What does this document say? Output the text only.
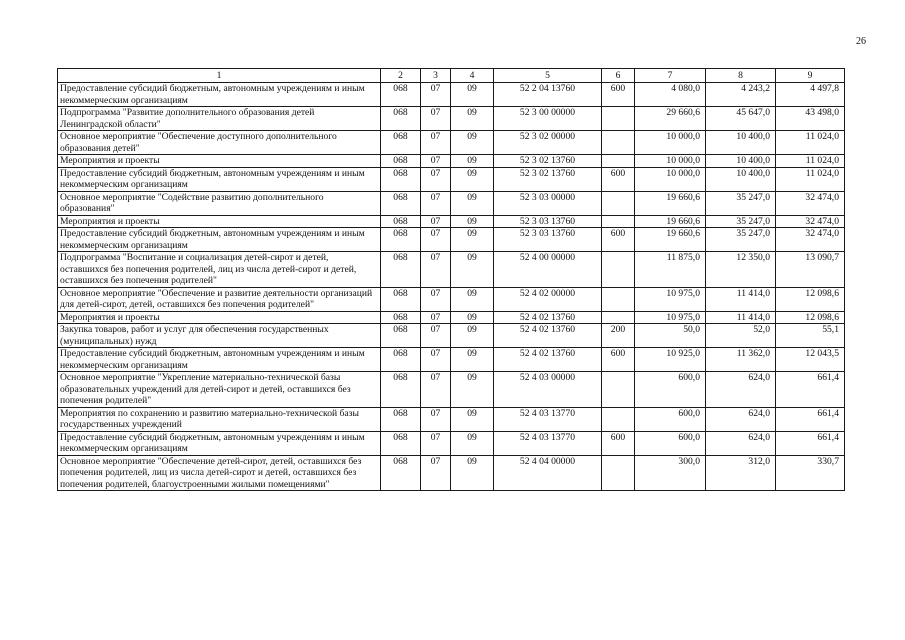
26
1	2	3	4	5	6	7	8	9
Предоставление субсидий бюджетным, автономным учреждениям и иным некоммерческим организациям	068	07	09	52 2 04 13760	600	4 080,0	4 243,2	4 497,8
Подпрограмма "Развитие дополнительного образования детей Ленинградской области"	068	07	09	52 3 00 00000		29 660,6	45 647,0	43 498,0
Основное мероприятие "Обеспечение доступного дополнительного образования детей"	068	07	09	52 3 02 00000		10 000,0	10 400,0	11 024,0
Мероприятия и проекты	068	07	09	52 3 02 13760		10 000,0	10 400,0	11 024,0
Предоставление субсидий бюджетным, автономным учреждениям и иным некоммерческим организациям	068	07	09	52 3 02 13760	600	10 000,0	10 400,0	11 024,0
Основное мероприятие "Содействие развитию дополнительного образования"	068	07	09	52 3 03 00000		19 660,6	35 247,0	32 474,0
Мероприятия и проекты	068	07	09	52 3 03 13760		19 660,6	35 247,0	32 474,0
Предоставление субсидий бюджетным, автономным учреждениям и иным некоммерческим организациям	068	07	09	52 3 03 13760	600	19 660,6	35 247,0	32 474,0
Подпрограмма "Воспитание и социализация детей-сирот и детей, оставшихся без попечения родителей, лиц из числа детей-сирот и детей, оставшихся без попечения родителей"	068	07	09	52 4 00 00000		11 875,0	12 350,0	13 090,7
Основное мероприятие "Обеспечение и развитие деятельности организаций для детей-сирот, детей, оставшихся без попечения родителей"	068	07	09	52 4 02 00000		10 975,0	11 414,0	12 098,6
Мероприятия и проекты	068	07	09	52 4 02 13760		10 975,0	11 414,0	12 098,6
Закупка товаров, работ и услуг для обеспечения государственных (муниципальных) нужд	068	07	09	52 4 02 13760	200	50,0	52,0	55,1
Предоставление субсидий бюджетным, автономным учреждениям и иным некоммерческим организациям	068	07	09	52 4 02 13760	600	10 925,0	11 362,0	12 043,5
Основное мероприятие "Укрепление материально-технической базы образовательных учреждений для детей-сирот и детей, оставшихся без попечения родителей"	068	07	09	52 4 03 00000		600,0	624,0	661,4
Мероприятия по сохранению и развитию материально-технической базы государственных учреждений	068	07	09	52 4 03 13770		600,0	624,0	661,4
Предоставление субсидий бюджетным, автономным учреждениям и иным некоммерческим организациям	068	07	09	52 4 03 13770	600	600,0	624,0	661,4
Основное мероприятие "Обеспечение детей-сирот, детей, оставшихся без попечения родителей, лиц из числа детей-сирот и детей, оставшихся без попечения родителей, благоустроенными жилыми помещениями"	068	07	09	52 4 04 00000		300,0	312,0	330,7
